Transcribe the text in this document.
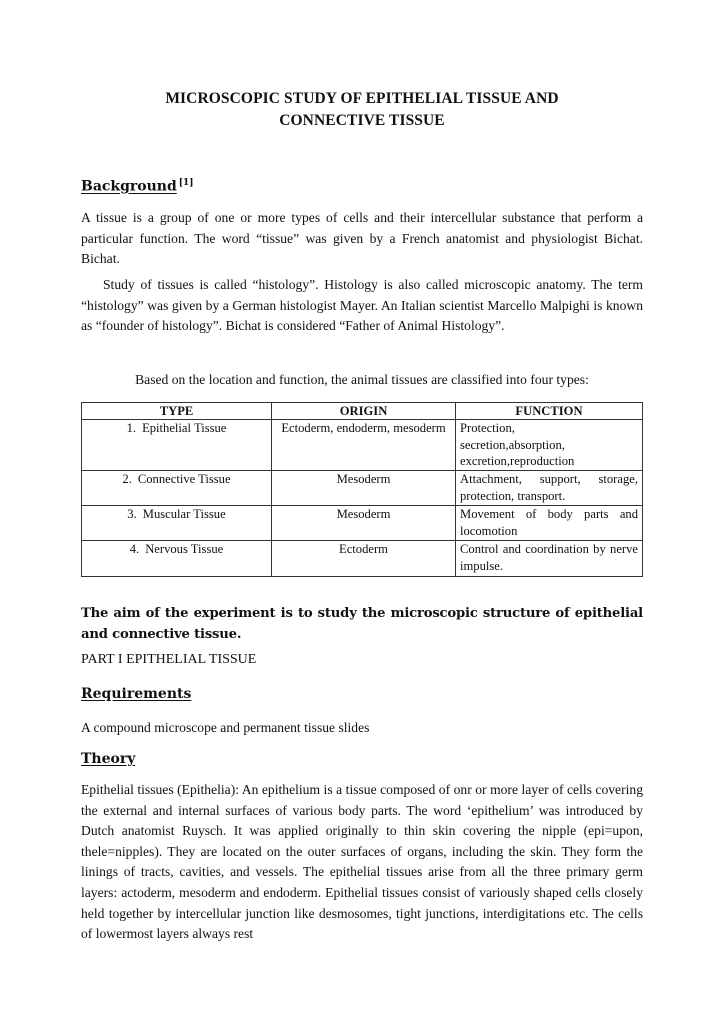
MICROSCOPIC STUDY OF EPITHELIAL TISSUE AND
CONNECTIVE TISSUE
Background [1]
A tissue is a group of one or more types of cells and their intercellular substance that perform a particular function. The word “tissue” was given by a French anatomist and physiologist Bichat. Bichat.
Study of tissues is called “histology”. Histology is also called microscopic anatomy. The term “histology” was given by a German histologist Mayer. An Italian scientist Marcello Malpighi is known as “founder of histology”. Bichat is considered “Father of Animal Histology”.
Based on the location and function, the animal tissues are classified into four types:
TYPE	ORIGIN	FUNCTION
1. Epithelial Tissue	Ectoderm, endoderm, mesoderm	Protection, secretion,absorption, excretion,reproduction
2. Connective Tissue	Mesoderm	Attachment, support, storage, protection, transport.
3. Muscular Tissue	Mesoderm	Movement of body parts and locomotion
4. Nervous Tissue	Ectoderm	Control and coordination by nerve impulse.
The aim of the experiment is to study the microscopic structure of epithelial and connective tissue.
PART I EPITHELIAL TISSUE
Requirements
A compound microscope and permanent tissue slides
Theory
Epithelial tissues (Epithelia): An epithelium is a tissue composed of onr or more layer of cells covering the external and internal surfaces of various body parts. The word ‘epithelium’ was introduced by Dutch anatomist Ruysch. It was applied originally to thin skin covering the nipple (epi=upon, thele=nipples). They are located on the outer surfaces of organs, including the skin. They form the linings of tracts, cavities, and vessels. The epithelial tissues arise from all the three primary germ layers: actoderm, mesoderm and endoderm. Epithelial tissues consist of variously shaped cells closely held together by intercellular junction like desmosomes, tight junctions, interdigitations etc. The cells of lowermost layers always rest
